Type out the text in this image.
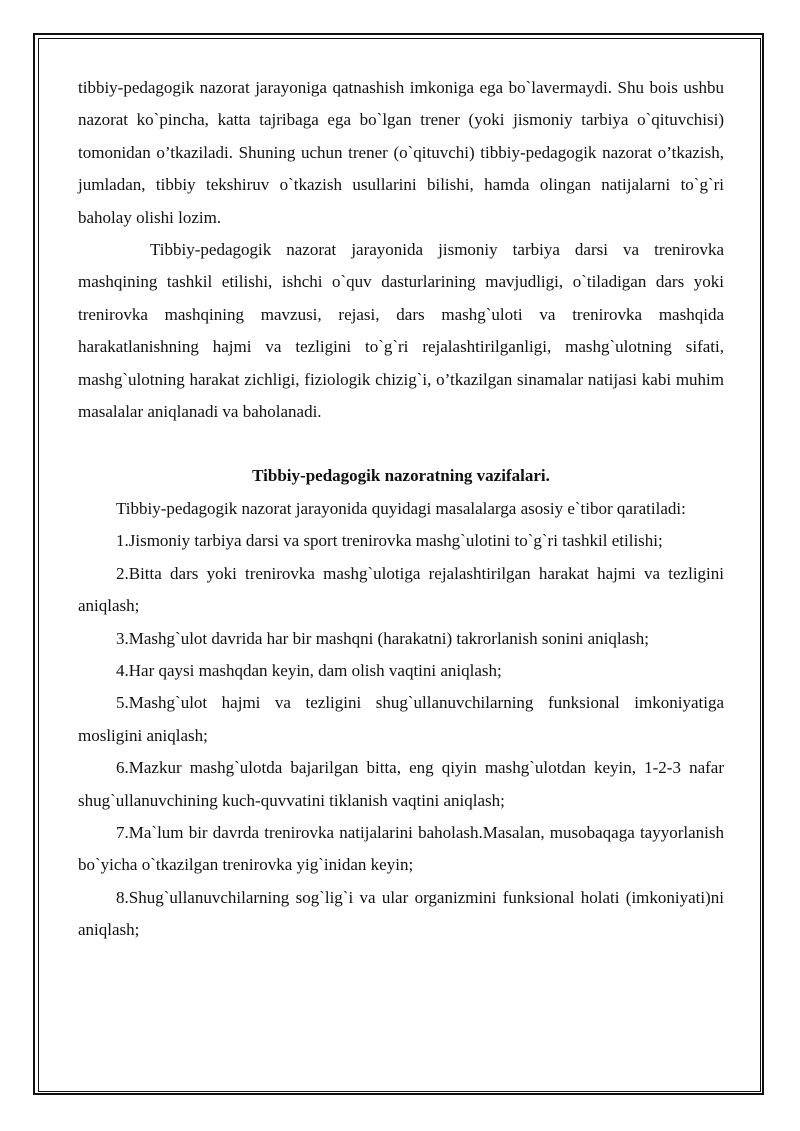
tibbiy-pedagogik nazorat jarayoniga qatnashish imkoniga ega bo`lavermaydi. Shu bois ushbu nazorat ko`pincha, katta tajribaga ega bo`lgan trener (yoki jismoniy tarbiya o`qituvchisi) tomonidan o’tkaziladi. Shuning uchun trener (o`qituvchi) tibbiy-pedagogik nazorat o’tkazish, jumladan, tibbiy tekshiruv o`tkazish usullarini bilishi, hamda olingan natijalarni to`g`ri baholay olishi lozim.

Tibbiy-pedagogik nazorat jarayonida jismoniy tarbiya darsi va trenirovka mashqining tashkil etilishi, ishchi o`quv dasturlarining mavjudligi, o`tiladigan dars yoki trenirovka mashqining mavzusi, rejasi, dars mashg`uloti va trenirovka mashqida harakatlanishning hajmi va tezligini to`g`ri rejalashtirilganligi, mashg`ulotning sifati, mashg`ulotning harakat zichligi, fiziologik chizig`i, o’tkazilgan sinamalar natijasi kabi muhim masalalar aniqlanadi va baholanadi.

Tibbiy-pedagogik nazoratning vazifalari.

Tibbiy-pedagogik nazorat jarayonida quyidagi masalalarga asosiy e`tibor qaratiladi:

1.Jismoniy tarbiya darsi va sport trenirovka mashg`ulotini to`g`ri tashkil etilishi;

2.Bitta dars yoki trenirovka mashg`ulotiga rejalashtirilgan harakat hajmi va tezligini aniqlash;

3.Mashg`ulot davrida har bir mashqni (harakatni) takrorlanish sonini aniqlash;

4.Har qaysi mashqdan keyin, dam olish vaqtini aniqlash;

5.Mashg`ulot hajmi va tezligini shug`ullanuvchilarning funksional imkoniyatiga mosligini aniqlash;

6.Mazkur mashg`ulotda bajarilgan bitta, eng qiyin mashg`ulotdan keyin, 1-2-3 nafar shug`ullanuvchining kuch-quvvatini tiklanish vaqtini aniqlash;

7.Ma`lum bir davrda trenirovka natijalarini baholash.Masalan, musobaqaga tayyorlanish bo`yicha o`tkazilgan trenirovka yig`inidan keyin;

8.Shug`ullanuvchilarning sog`lig`i va ular organizmini funksional holati (imkoniyati)ni aniqlash;
